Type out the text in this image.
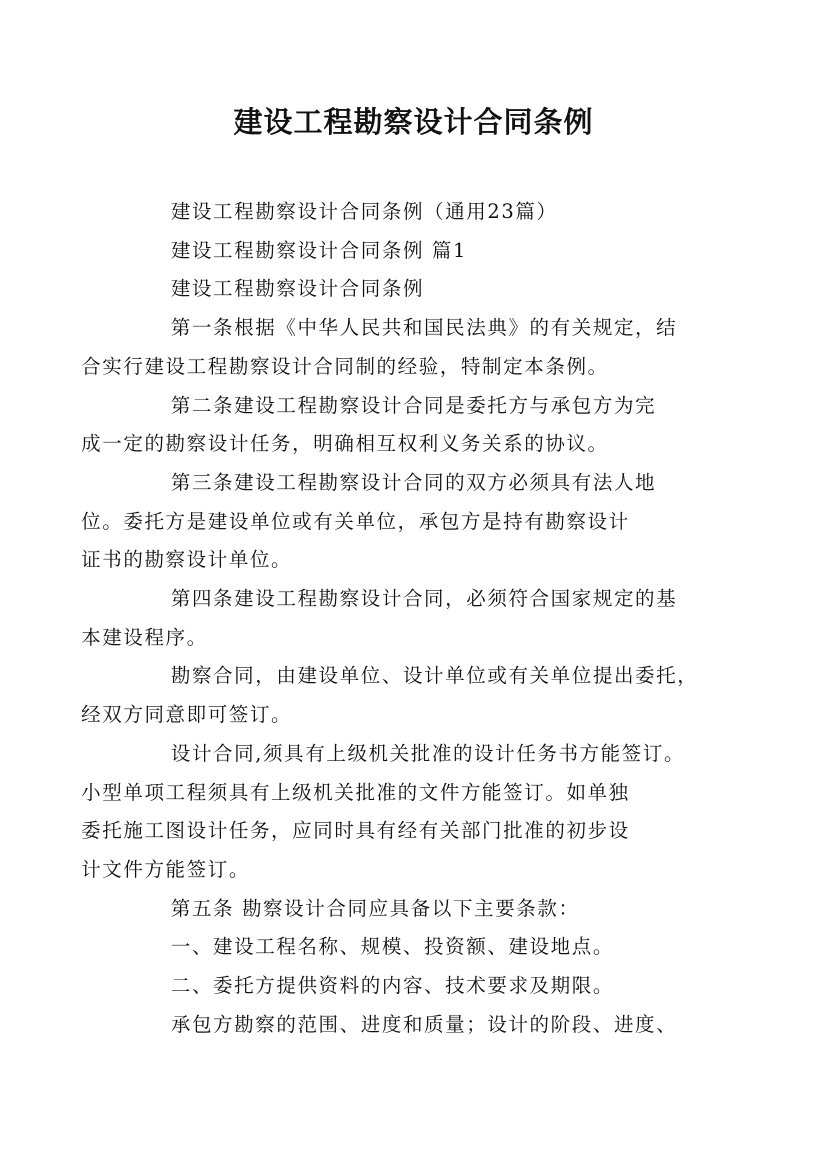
建设工程勘察设计合同条例

建设工程勘察设计合同条例（通用23篇）

建设工程勘察设计合同条例 篇1

建设工程勘察设计合同条例

第一条根据《中华人民共和国民法典》的有关规定，结
合实行建设工程勘察设计合同制的经验，特制定本条例。

第二条建设工程勘察设计合同是委托方与承包方为完
成一定的勘察设计任务，明确相互权利义务关系的协议。

第三条建设工程勘察设计合同的双方必须具有法人地
位。委托方是建设单位或有关单位，承包方是持有勘察设计
证书的勘察设计单位。

第四条建设工程勘察设计合同，必须符合国家规定的基
本建设程序。

勘察合同，由建设单位、设计单位或有关单位提出委托，
经双方同意即可签订。

设计合同,须具有上级机关批准的设计任务书方能签订。
小型单项工程须具有上级机关批准的文件方能签订。如单独
委托施工图设计任务，应同时具有经有关部门批准的初步设
计文件方能签订。

第五条 勘察设计合同应具备以下主要条款：

一、建设工程名称、规模、投资额、建设地点。

二、委托方提供资料的内容、技术要求及期限。

承包方勘察的范围、进度和质量；设计的阶段、进度、
